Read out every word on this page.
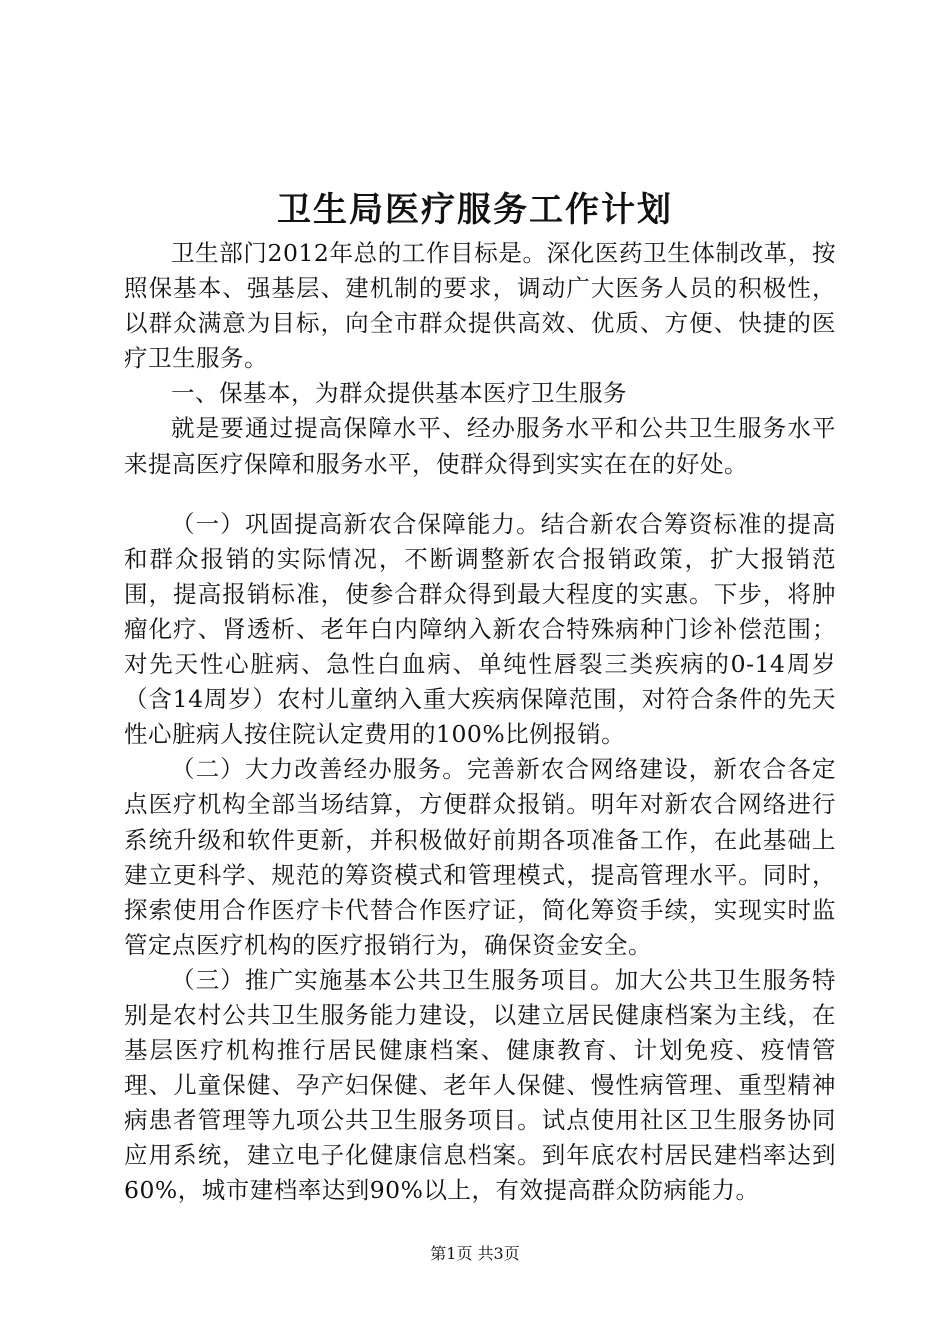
卫生局医疗服务工作计划

卫生部门2012年总的工作目标是。深化医药卫生体制改革，按照保基本、强基层、建机制的要求，调动广大医务人员的积极性，以群众满意为目标，向全市群众提供高效、优质、方便、快捷的医疗卫生服务。

一、保基本，为群众提供基本医疗卫生服务

就是要通过提高保障水平、经办服务水平和公共卫生服务水平来提高医疗保障和服务水平，使群众得到实实在在的好处。

（一）巩固提高新农合保障能力。结合新农合筹资标准的提高和群众报销的实际情况，不断调整新农合报销政策，扩大报销范围，提高报销标准，使参合群众得到最大程度的实惠。下步，将肿瘤化疗、肾透析、老年白内障纳入新农合特殊病种门诊补偿范围；对先天性心脏病、急性白血病、单纯性唇裂三类疾病的0-14周岁（含14周岁）农村儿童纳入重大疾病保障范围，对符合条件的先天性心脏病人按住院认定费用的100%比例报销。

（二）大力改善经办服务。完善新农合网络建设，新农合各定点医疗机构全部当场结算，方便群众报销。明年对新农合网络进行系统升级和软件更新，并积极做好前期各项准备工作，在此基础上建立更科学、规范的筹资模式和管理模式，提高管理水平。同时，探索使用合作医疗卡代替合作医疗证，简化筹资手续，实现实时监管定点医疗机构的医疗报销行为，确保资金安全。

（三）推广实施基本公共卫生服务项目。加大公共卫生服务特别是农村公共卫生服务能力建设，以建立居民健康档案为主线，在基层医疗机构推行居民健康档案、健康教育、计划免疫、疫情管理、儿童保健、孕产妇保健、老年人保健、慢性病管理、重型精神病患者管理等九项公共卫生服务项目。试点使用社区卫生服务协同应用系统，建立电子化健康信息档案。到年底农村居民建档率达到60%，城市建档率达到90%以上，有效提高群众防病能力。

第1页 共3页
